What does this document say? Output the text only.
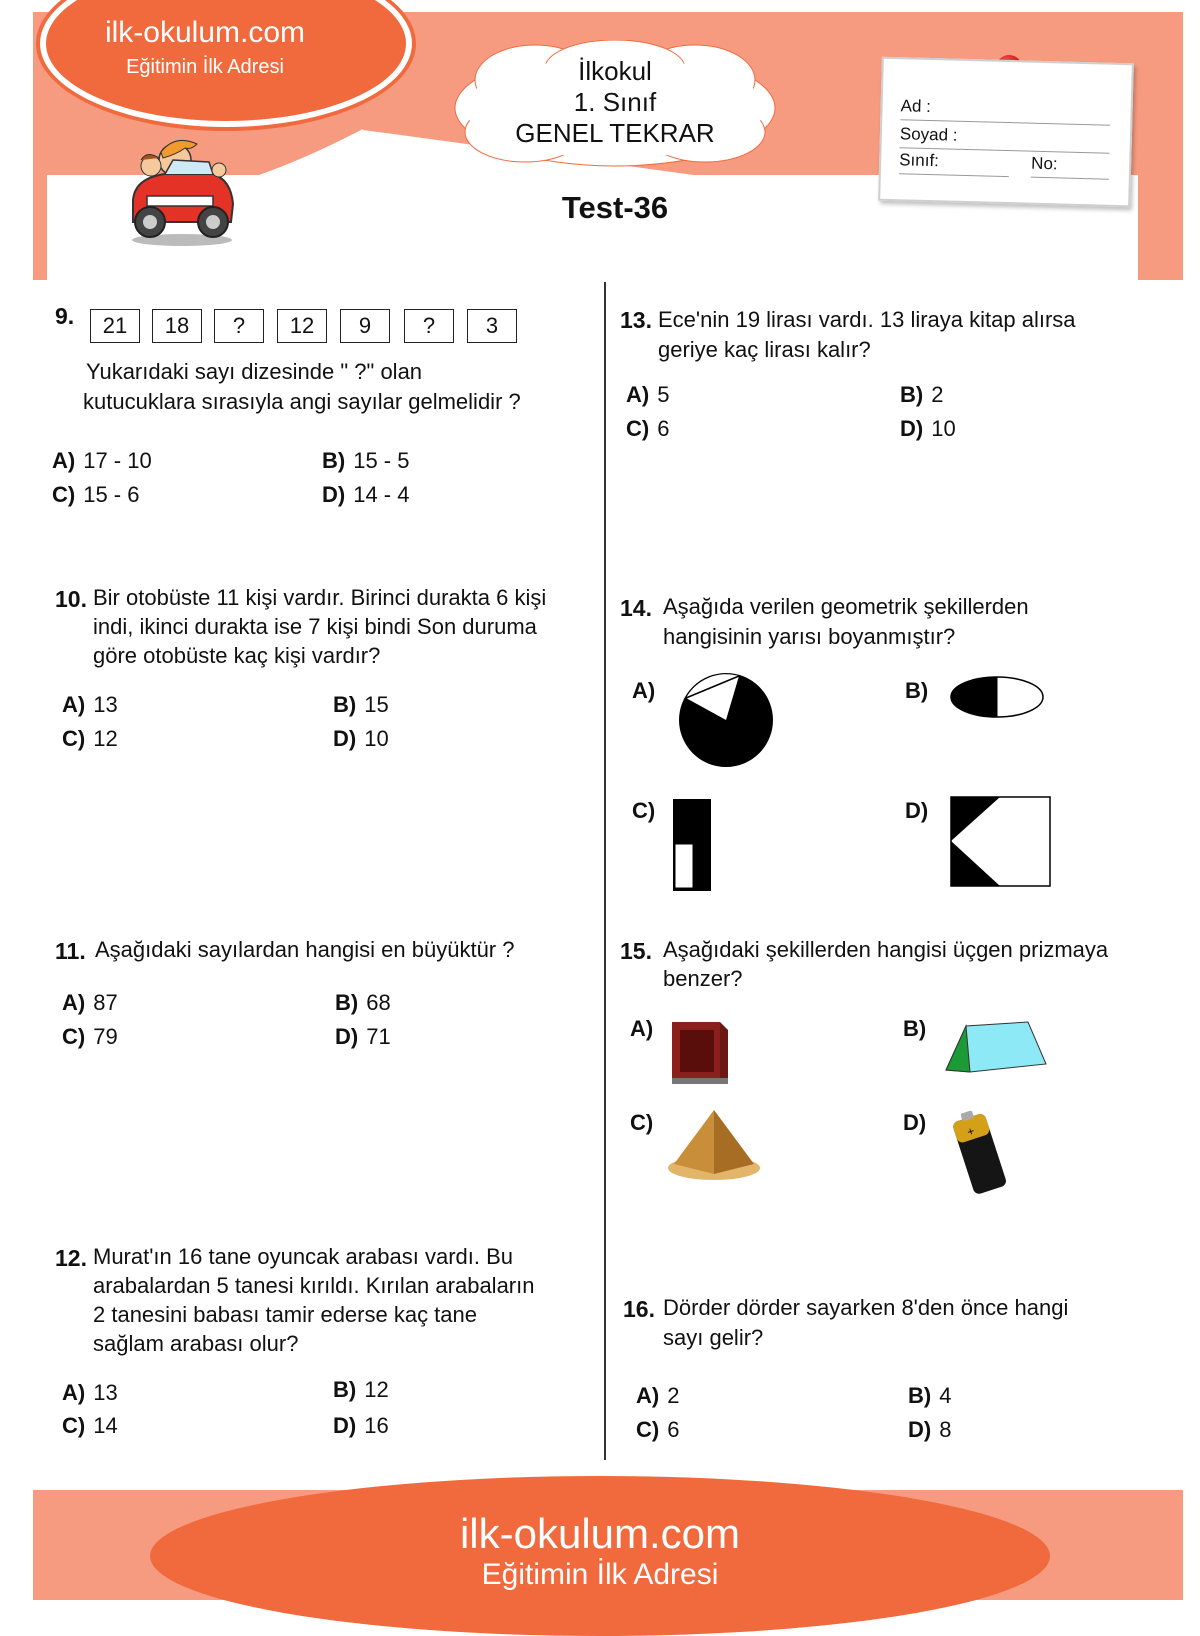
ilk-okulum.com
Eğitimin İlk Adresi	İlkokul
1. Sınıf
GENEL TEKRAR
Ad :
Soyad :
Sınıf:	No:
Test-36
9.	21	18	?	12	9	?	3
Yukarıdaki sayı dizesinde " ?" olan
kutucuklara sırasıyla angi sayılar gelmelidir ?
A) 17 - 10	B) 15 - 5
C) 15 - 6	D) 14 - 4
10. Bir otobüste 11 kişi vardır. Birinci durakta 6 kişi
indi, ikinci durakta ise 7 kişi bindi Son duruma
göre otobüste kaç kişi vardır?
A) 13	B) 15
C) 12	D) 10
11. Aşağıdaki sayılardan hangisi en büyüktür ?
A) 87	B) 68
C) 79	D) 71
12. Murat'ın 16 tane oyuncak arabası vardı. Bu
arabalardan 5 tanesi kırıldı. Kırılan arabaların
2 tanesini babası tamir ederse kaç tane
sağlam arabası olur?
A) 13	B) 12
C) 14	D) 16
13. Ece'nin 19 lirası vardı. 13 liraya kitap alırsa
geriye kaç lirası kalır?
A) 5	B) 2
C) 6	D) 10
14. Aşağıda verilen geometrik şekillerden
hangisinin yarısı boyanmıştır?
A)	B)
C)	D)
15. Aşağıdaki şekillerden hangisi üçgen prizmaya
benzer?
A)	B)
C)	D)	+
16. Dörder dörder sayarken 8'den önce hangi
sayı gelir?
A) 2	B) 4
C) 6	D) 8
ilk-okulum.com
Eğitimin İlk Adresi
